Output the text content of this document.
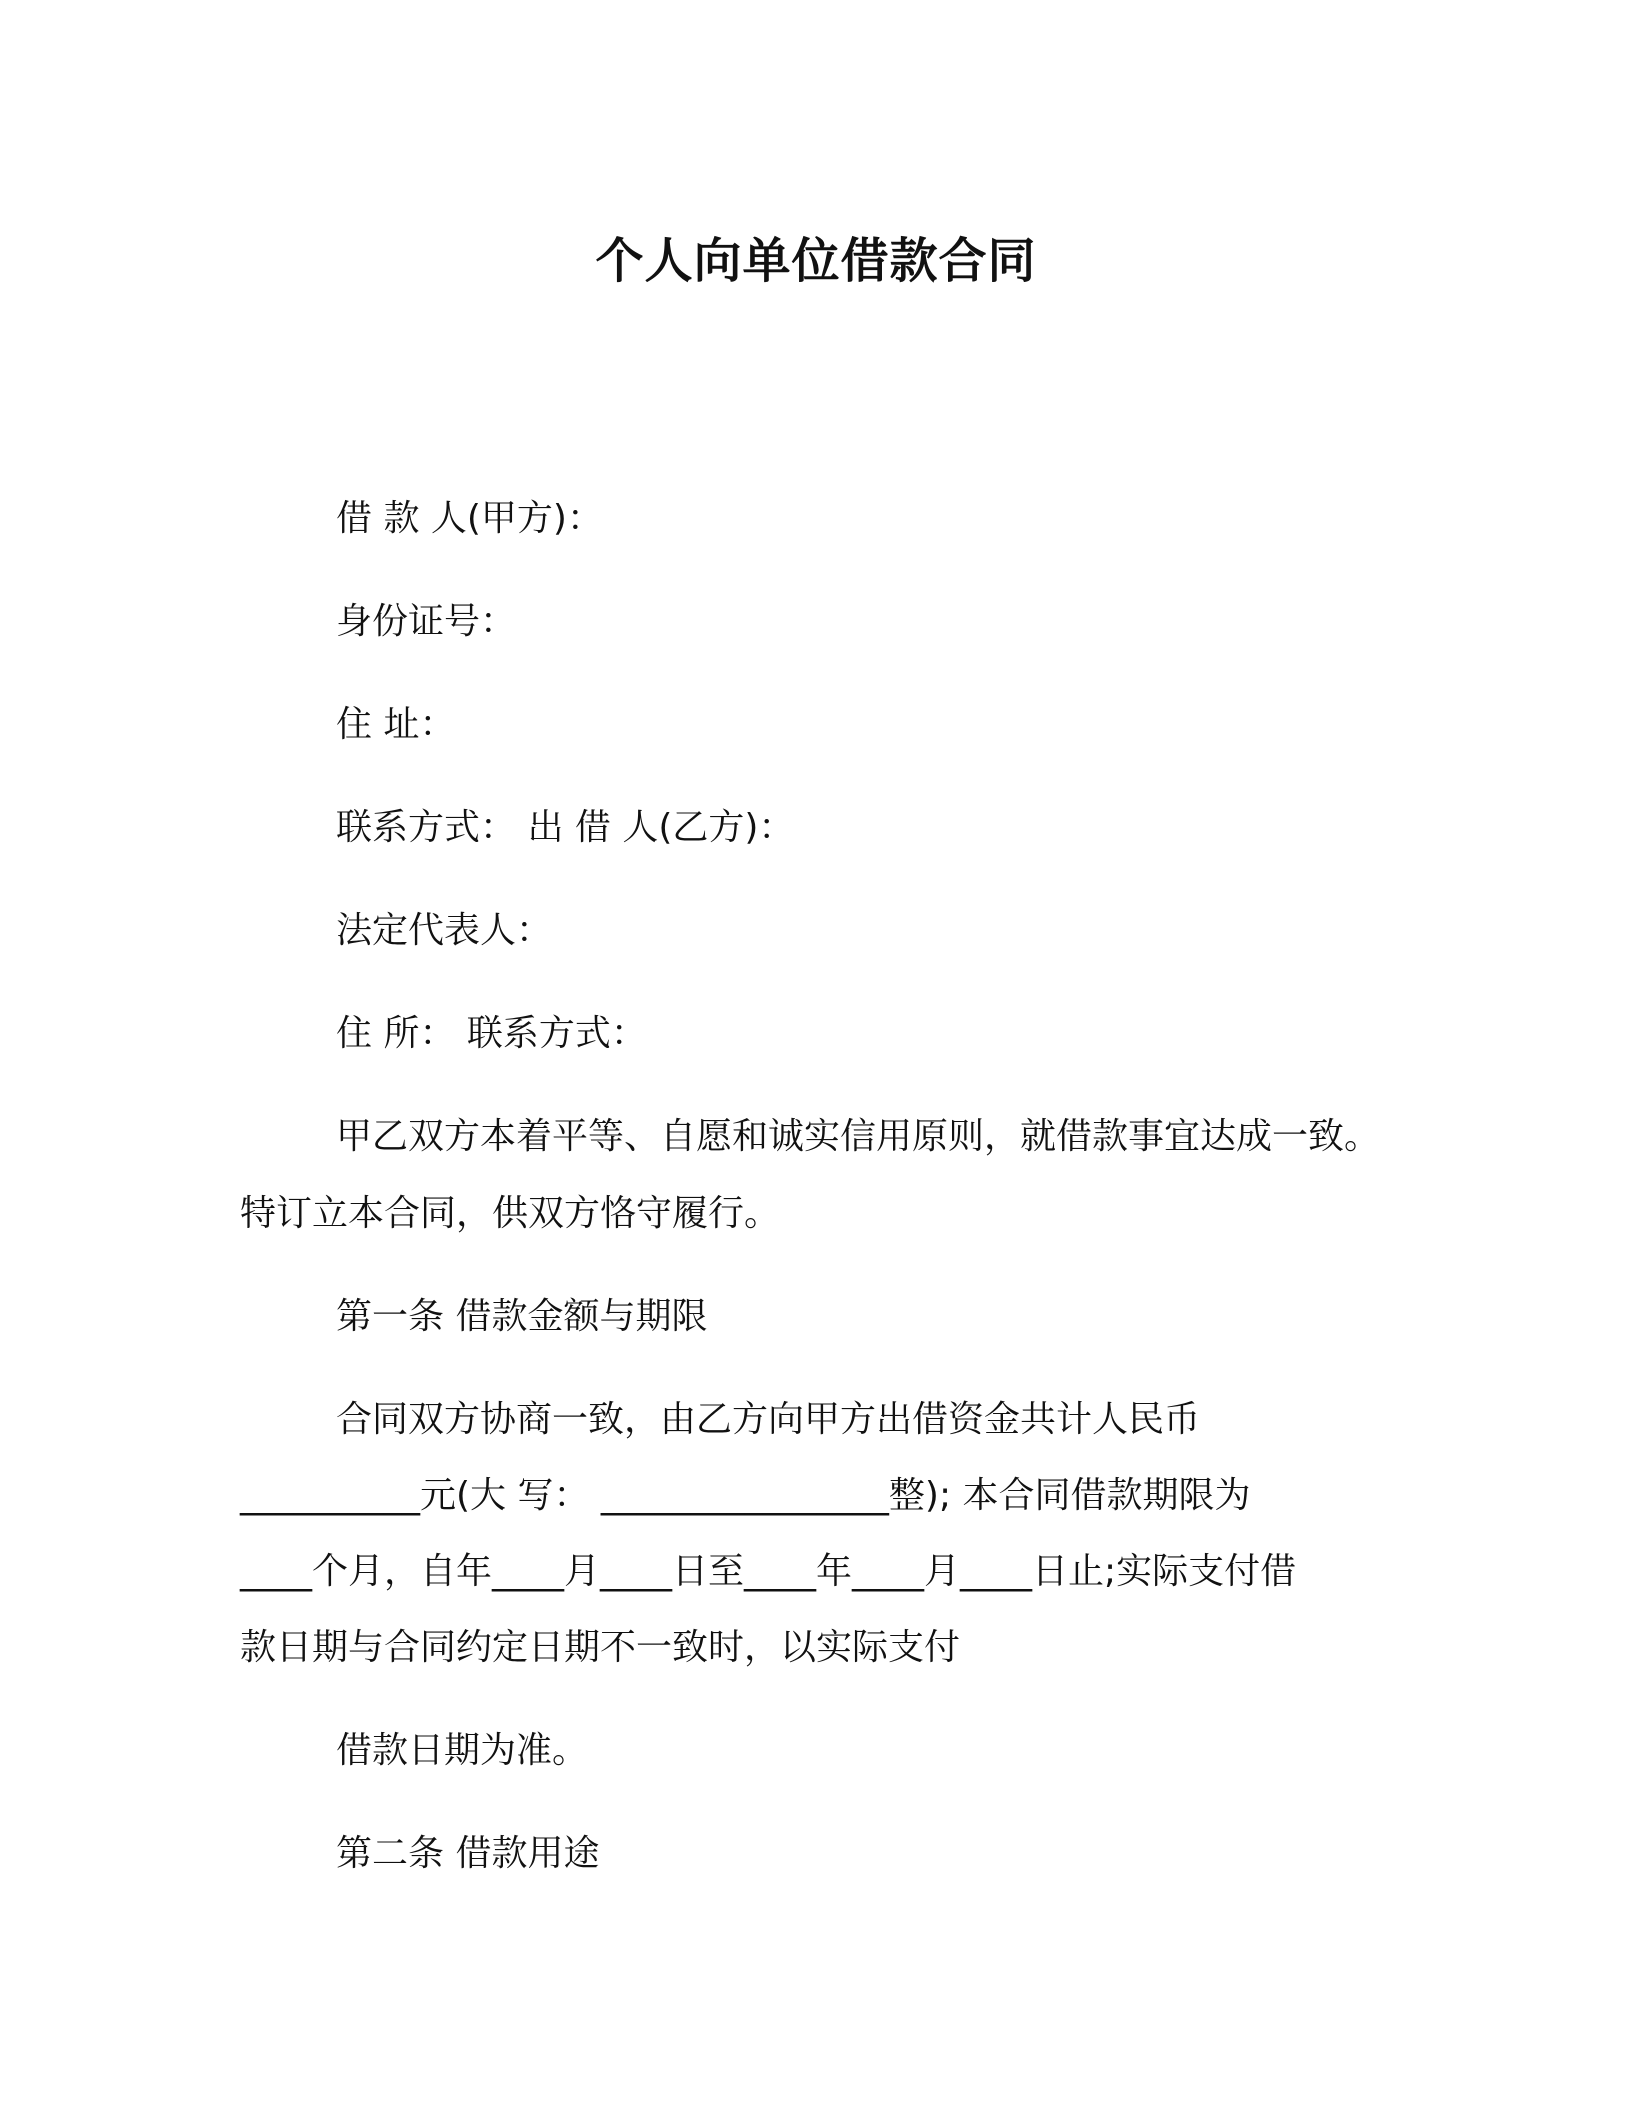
个人向单位借款合同
借 款 人(甲方)：
身份证号：
住 址：
联系方式： 出 借 人(乙方)：
法定代表人：
住 所： 联系方式：
甲乙双方本着平等、自愿和诚实信用原则，就借款事宜达成一致。
特订立本合同，供双方恪守履行。
第一条 借款金额与期限
合同双方协商一致，由乙方向甲方出借资金共计人民币
__________元(大 写： ________________整); 本合同借款期限为
____个月，自年____月____日至____年____月____日止;实际支付借
款日期与合同约定日期不一致时，以实际支付
借款日期为准。
第二条 借款用途
